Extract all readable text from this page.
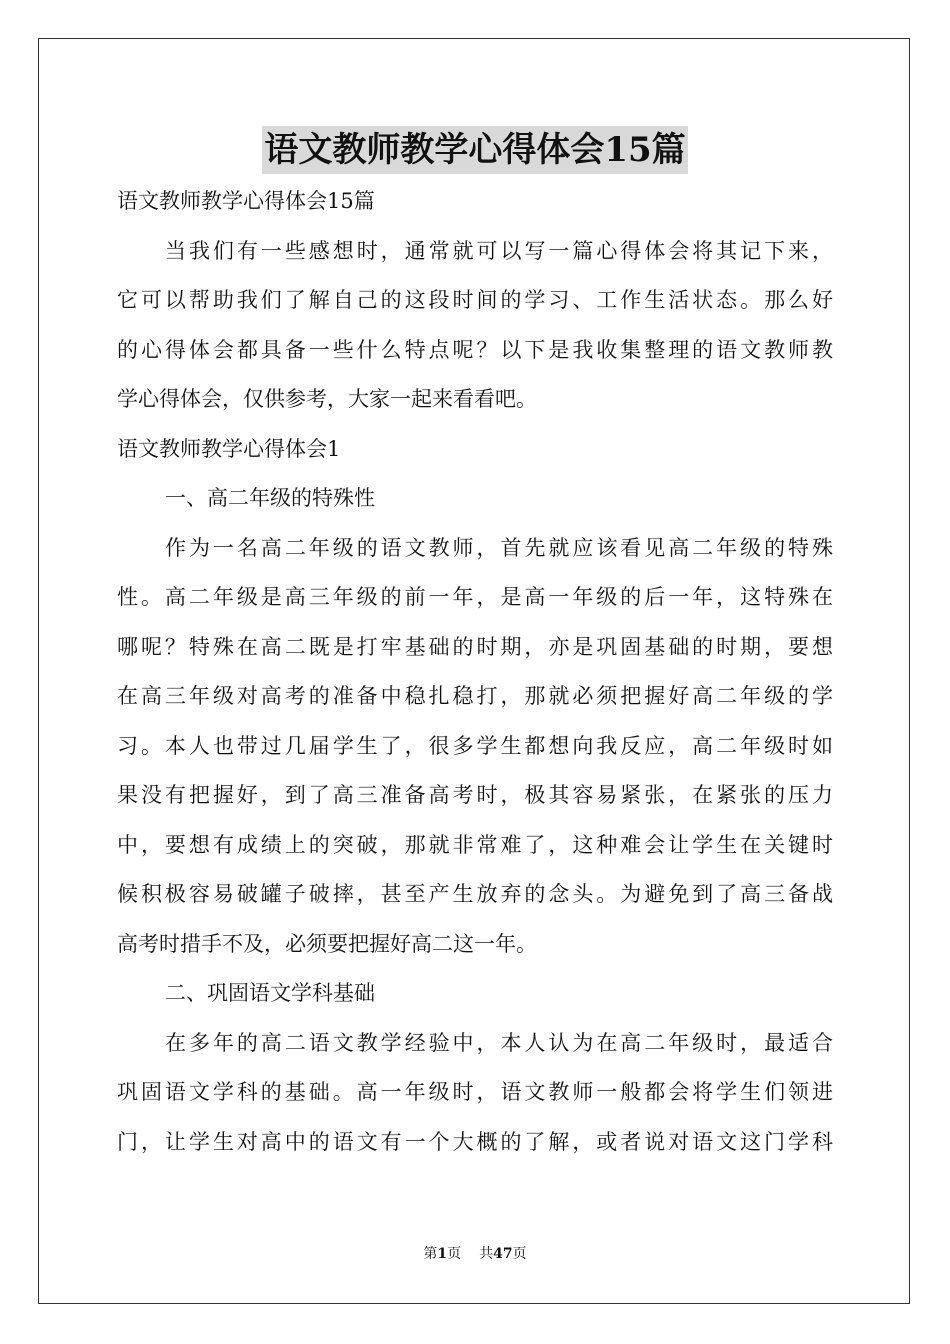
语文教师教学心得体会15篇
语文教师教学心得体会15篇
当我们有一些感想时，通常就可以写一篇心得体会将其记下来，
它可以帮助我们了解自己的这段时间的学习、工作生活状态。那么好
的心得体会都具备一些什么特点呢？以下是我收集整理的语文教师教
学心得体会，仅供参考，大家一起来看看吧。
语文教师教学心得体会1
一、高二年级的特殊性
作为一名高二年级的语文教师，首先就应该看见高二年级的特殊
性。高二年级是高三年级的前一年，是高一年级的后一年，这特殊在
哪呢？特殊在高二既是打牢基础的时期，亦是巩固基础的时期，要想
在高三年级对高考的准备中稳扎稳打，那就必须把握好高二年级的学
习。本人也带过几届学生了，很多学生都想向我反应，高二年级时如
果没有把握好，到了高三准备高考时，极其容易紧张，在紧张的压力
中，要想有成绩上的突破，那就非常难了，这种难会让学生在关键时
候积极容易破罐子破摔，甚至产生放弃的念头。为避免到了高三备战
高考时措手不及，必须要把握好高二这一年。
二、巩固语文学科基础
在多年的高二语文教学经验中，本人认为在高二年级时，最适合
巩固语文学科的基础。高一年级时，语文教师一般都会将学生们领进
门，让学生对高中的语文有一个大概的了解，或者说对语文这门学科
第1页 共47页
